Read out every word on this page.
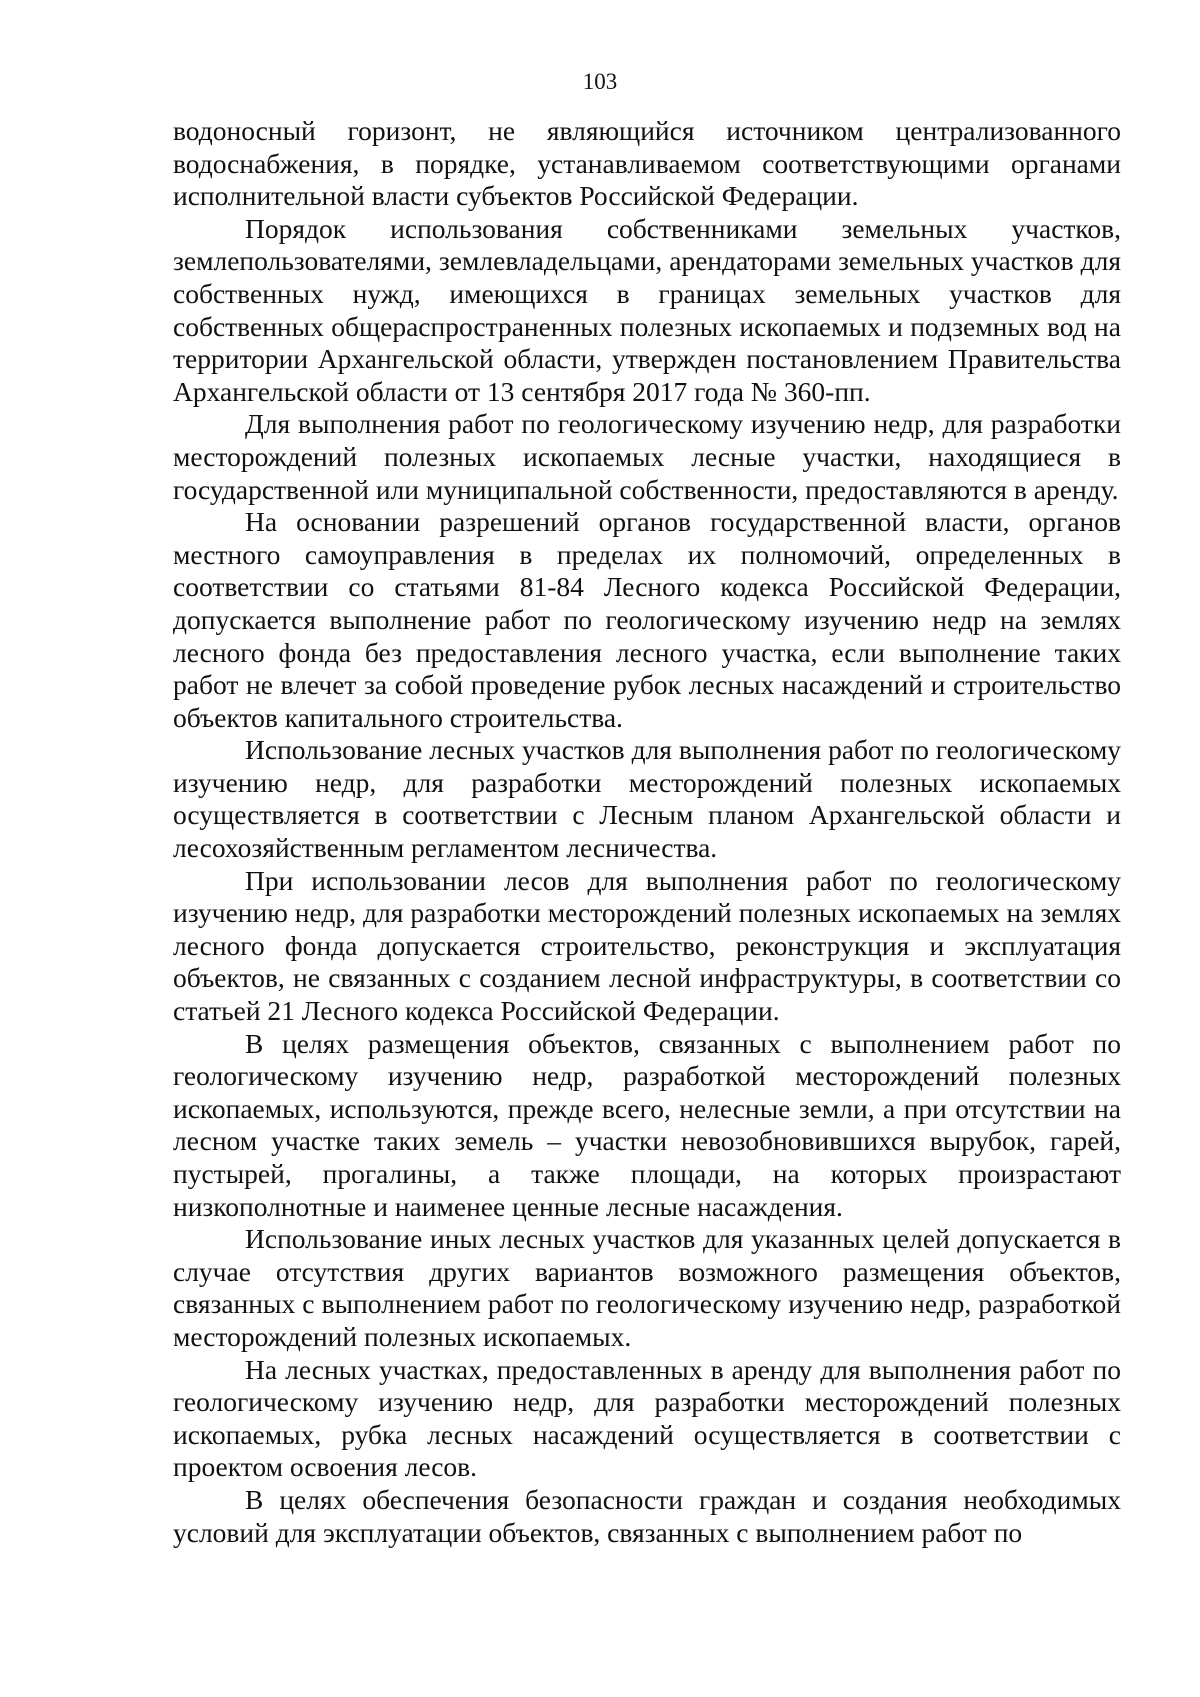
103

водоносный горизонт, не являющийся источником централизованного водоснабжения, в порядке, устанавливаемом соответствующими органами исполнительной власти субъектов Российской Федерации.

Порядок использования собственниками земельных участков, землепользователями, землевладельцами, арендаторами земельных участков для собственных нужд, имеющихся в границах земельных участков для собственных общераспространенных полезных ископаемых и подземных вод на территории Архангельской области, утвержден постановлением Правительства Архангельской области от 13 сентября 2017 года № 360-пп.

Для выполнения работ по геологическому изучению недр, для разработки месторождений полезных ископаемых лесные участки, находящиеся в государственной или муниципальной собственности, предоставляются в аренду.

На основании разрешений органов государственной власти, органов местного самоуправления в пределах их полномочий, определенных в соответствии со статьями 81-84 Лесного кодекса Российской Федерации, допускается выполнение работ по геологическому изучению недр на землях лесного фонда без предоставления лесного участка, если выполнение таких работ не влечет за собой проведение рубок лесных насаждений и строительство объектов капитального строительства.

Использование лесных участков для выполнения работ по геологическому изучению недр, для разработки месторождений полезных ископаемых осуществляется в соответствии с Лесным планом Архангельской области и лесохозяйственным регламентом лесничества.

При использовании лесов для выполнения работ по геологическому изучению недр, для разработки месторождений полезных ископаемых на землях лесного фонда допускается строительство, реконструкция и эксплуатация объектов, не связанных с созданием лесной инфраструктуры, в соответствии со статьей 21 Лесного кодекса Российской Федерации.

В целях размещения объектов, связанных с выполнением работ по геологическому изучению недр, разработкой месторождений полезных ископаемых, используются, прежде всего, нелесные земли, а при отсутствии на лесном участке таких земель – участки невозобновившихся вырубок, гарей, пустырей, прогалины, а также площади, на которых произрастают низкополнотные и наименее ценные лесные насаждения.

Использование иных лесных участков для указанных целей допускается в случае отсутствия других вариантов возможного размещения объектов, связанных с выполнением работ по геологическому изучению недр, разработкой месторождений полезных ископаемых.

На лесных участках, предоставленных в аренду для выполнения работ по геологическому изучению недр, для разработки месторождений полезных ископаемых, рубка лесных насаждений осуществляется в соответствии с проектом освоения лесов.

В целях обеспечения безопасности граждан и создания необходимых условий для эксплуатации объектов, связанных с выполнением работ по
